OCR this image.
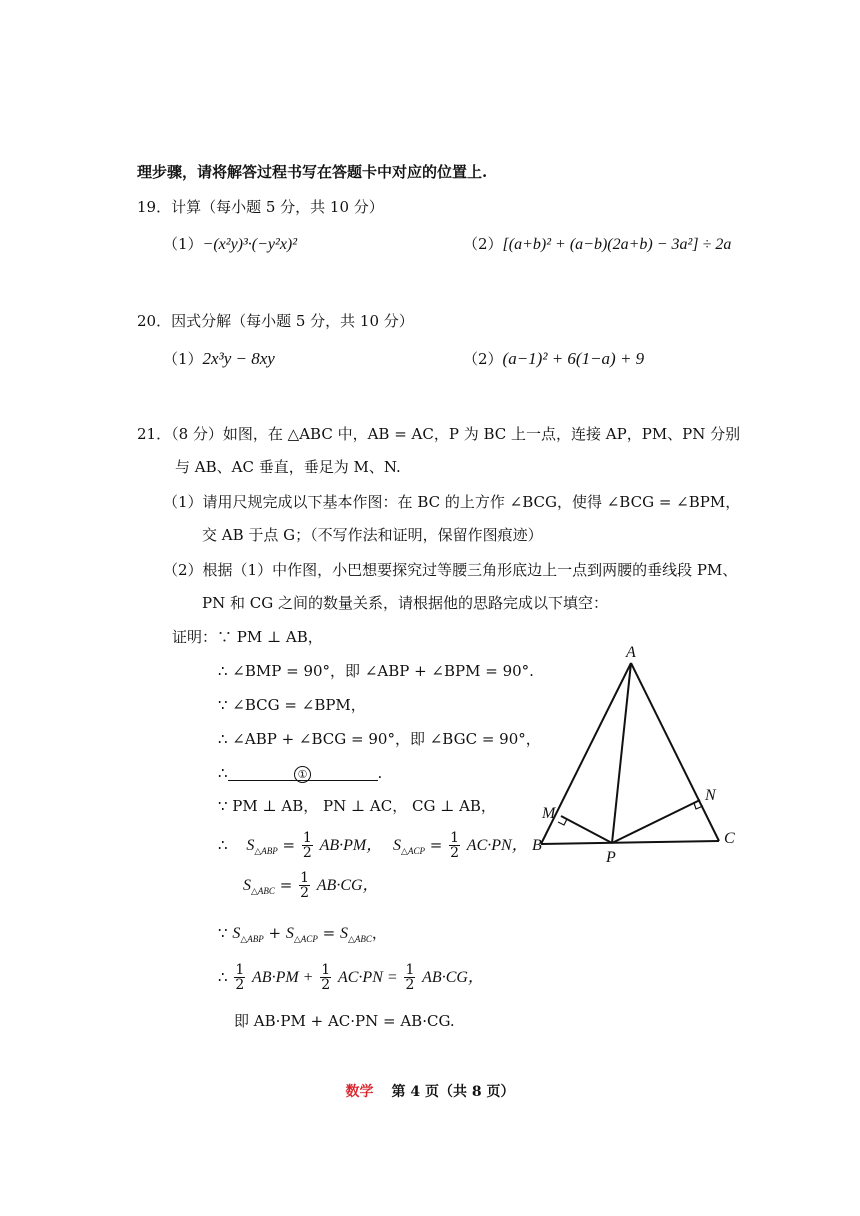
理步骤，请将解答过程书写在答题卡中对应的位置上.
19．计算（每小题 5 分，共 10 分）
（1）−(x²y)³·(−y²x)²	（2）[(a+b)² + (a−b)(2a+b) − 3a²] ÷ 2a
20．因式分解（每小题 5 分，共 10 分）
（1）2x³y − 8xy	（2）(a−1)² + 6(1−a) + 9
21．（8 分）如图，在 △ABC 中，AB = AC，P 为 BC 上一点，连接 AP，PM、PN 分别
与 AB、AC 垂直，垂足为 M、N.
（1）请用尺规完成以下基本作图：在 BC 的上方作 ∠BCG，使得 ∠BCG = ∠BPM，
交 AB 于点 G；（不写作法和证明，保留作图痕迹）
（2）根据（1）中作图，小巴想要探究过等腰三角形底边上一点到两腰的垂线段 PM、
PN 和 CG 之间的数量关系，请根据他的思路完成以下填空：
证明：∵ PM ⊥ AB，
∴ ∠BMP = 90°，即 ∠ABP + ∠BPM = 90°.
∵ ∠BCG = ∠BPM，
∴ ∠ABP + ∠BCG = 90°，即 ∠BGC = 90°，
∴	①	.
∵ PM ⊥ AB， PN ⊥ AC， CG ⊥ AB，
∴ $S_{\triangle ABP} = \frac{1}{2} AB\cdot PM$， $S_{\triangle ACP} = \frac{1}{2} AC\cdot PN$，
$S_{\triangle ABC} = \frac{1}{2} AB\cdot CG$，
∵ $S_{\triangle ABP} + S_{\triangle ACP} = S_{\triangle ABC}$，
∴ $\frac{1}{2} AB\cdot PM + \frac{1}{2} AC\cdot PN = \frac{1}{2} AB\cdot CG$，
即 AB·PM + AC·PN = AB·CG.
A
B	C
M
N
P
数学 第 4 页（共 8 页）
